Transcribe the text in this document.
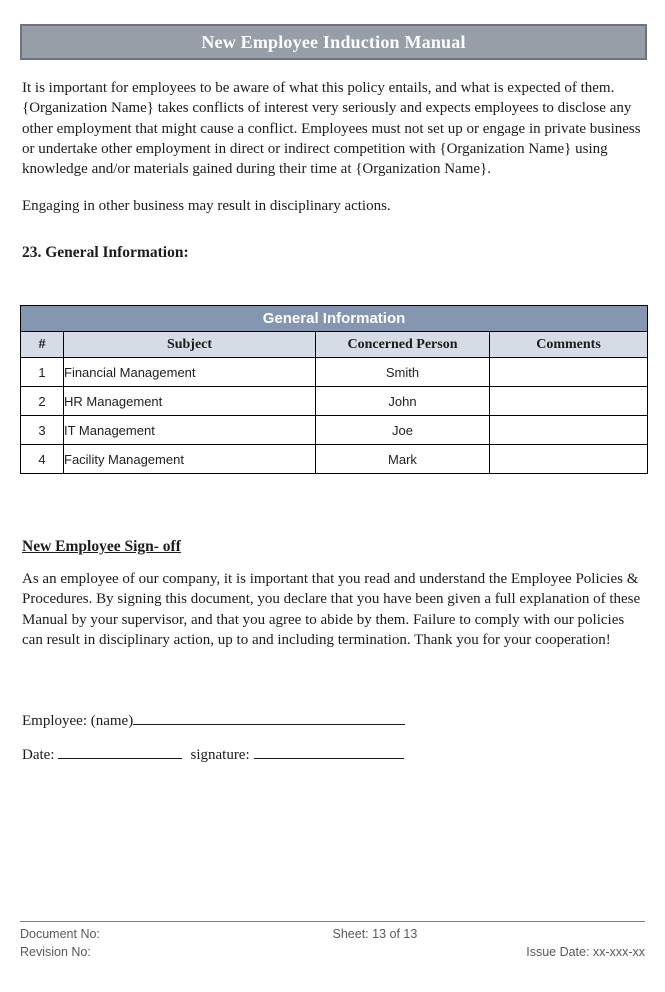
New Employee Induction Manual

It is important for employees to be aware of what this policy entails, and what is expected of them. {Organization Name} takes conflicts of interest very seriously and expects employees to disclose any other employment that might cause a conflict. Employees must not set up or engage in private business or undertake other employment in direct or indirect competition with {Organization Name} using knowledge and/or materials gained during their time at {Organization Name}.

Engaging in other business may result in disciplinary actions.

23. General Information:
General Information			
#	Subject	Concerned Person	Comments
1	Financial Management	Smith	
2	HR Management	John	
3	IT Management	Joe	
4	Facility Management	Mark	
New Employee Sign- off

As an employee of our company, it is important that you read and understand the Employee Policies & Procedures. By signing this document, you declare that you have been given a full explanation of these Manual by your supervisor, and that you agree to abide by them. Failure to comply with our policies can result in disciplinary action, up to and including termination. Thank you for your cooperation!

Employee: (name)
Date:	signature:
Document No:	Sheet: 13 of 13
Revision No:	Issue Date: xx-xxx-xx
